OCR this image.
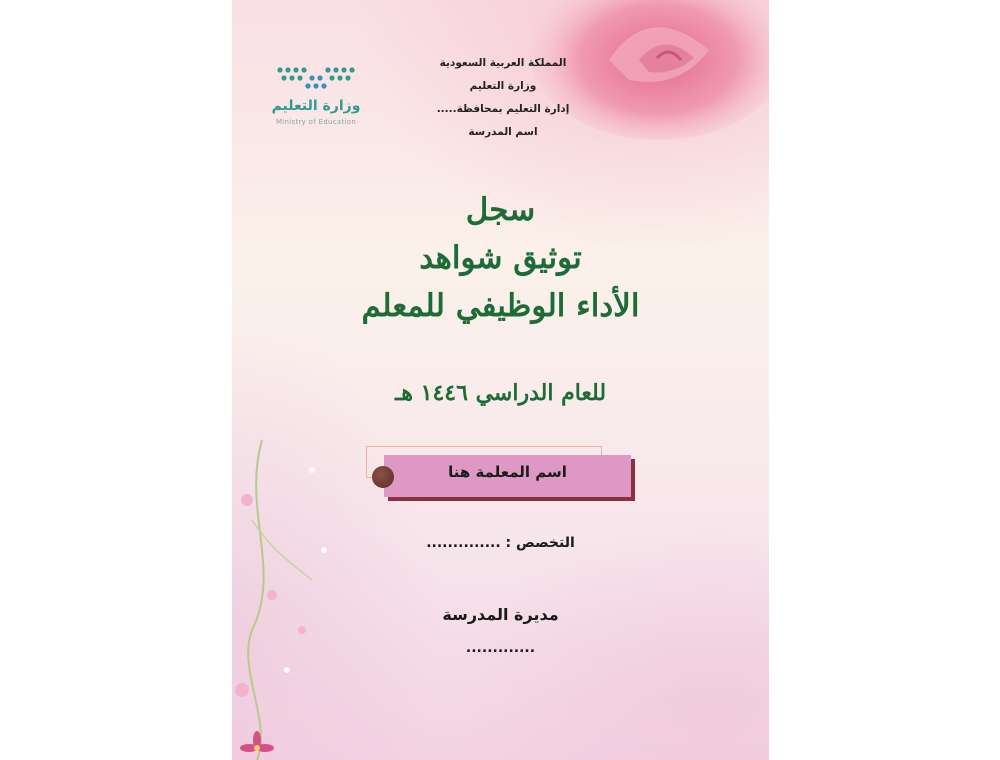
وزارة التعليم
Ministry of Education
المملكة العربية السعودية
وزارة التعليم
إدارة التعليم بمحافظة.....
اسم المدرسة
سجل
توثيق شواهد
الأداء الوظيفي للمعلم
للعام الدراسي ١٤٤٦ هـ
اسم المعلمة هنا
التخصص : ..............
مديرة المدرسة
.............
